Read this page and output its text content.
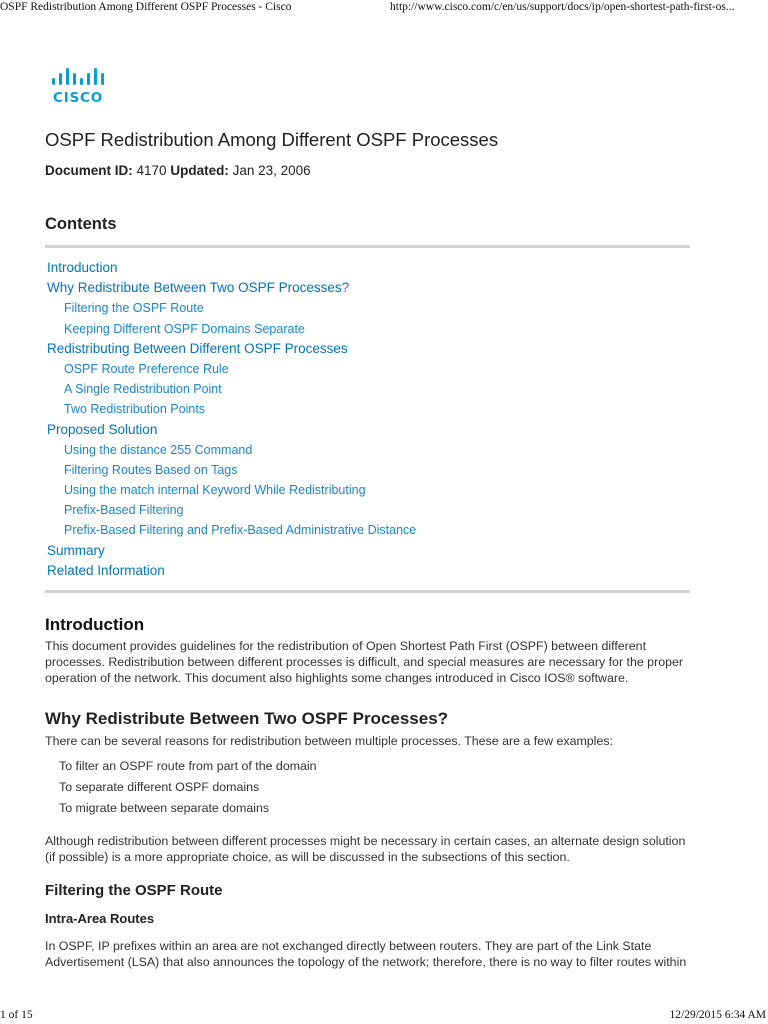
OSPF Redistribution Among Different OSPF Processes - Cisco	http://www.cisco.com/c/en/us/support/docs/ip/open-shortest-path-first-os...
CISCO
OSPF Redistribution Among Different OSPF Processes
Document ID: 4170 Updated: Jan 23, 2006
Contents
Introduction
Why Redistribute Between Two OSPF Processes?
Filtering the OSPF Route
Keeping Different OSPF Domains Separate
Redistributing Between Different OSPF Processes
OSPF Route Preference Rule
A Single Redistribution Point
Two Redistribution Points
Proposed Solution
Using the distance 255 Command
Filtering Routes Based on Tags
Using the match internal Keyword While Redistributing
Prefix-Based Filtering
Prefix-Based Filtering and Prefix-Based Administrative Distance
Summary
Related Information
Introduction
This document provides guidelines for the redistribution of Open Shortest Path First (OSPF) between different processes. Redistribution between different processes is difficult, and special measures are necessary for the proper operation of the network. This document also highlights some changes introduced in Cisco IOS® software.
Why Redistribute Between Two OSPF Processes?
There can be several reasons for redistribution between multiple processes. These are a few examples:
To filter an OSPF route from part of the domain
To separate different OSPF domains
To migrate between separate domains
Although redistribution between different processes might be necessary in certain cases, an alternate design solution (if possible) is a more appropriate choice, as will be discussed in the subsections of this section.
Filtering the OSPF Route
Intra-Area Routes
In OSPF, IP prefixes within an area are not exchanged directly between routers. They are part of the Link State Advertisement (LSA) that also announces the topology of the network; therefore, there is no way to filter routes within
1 of 15	12/29/2015 6:34 AM
